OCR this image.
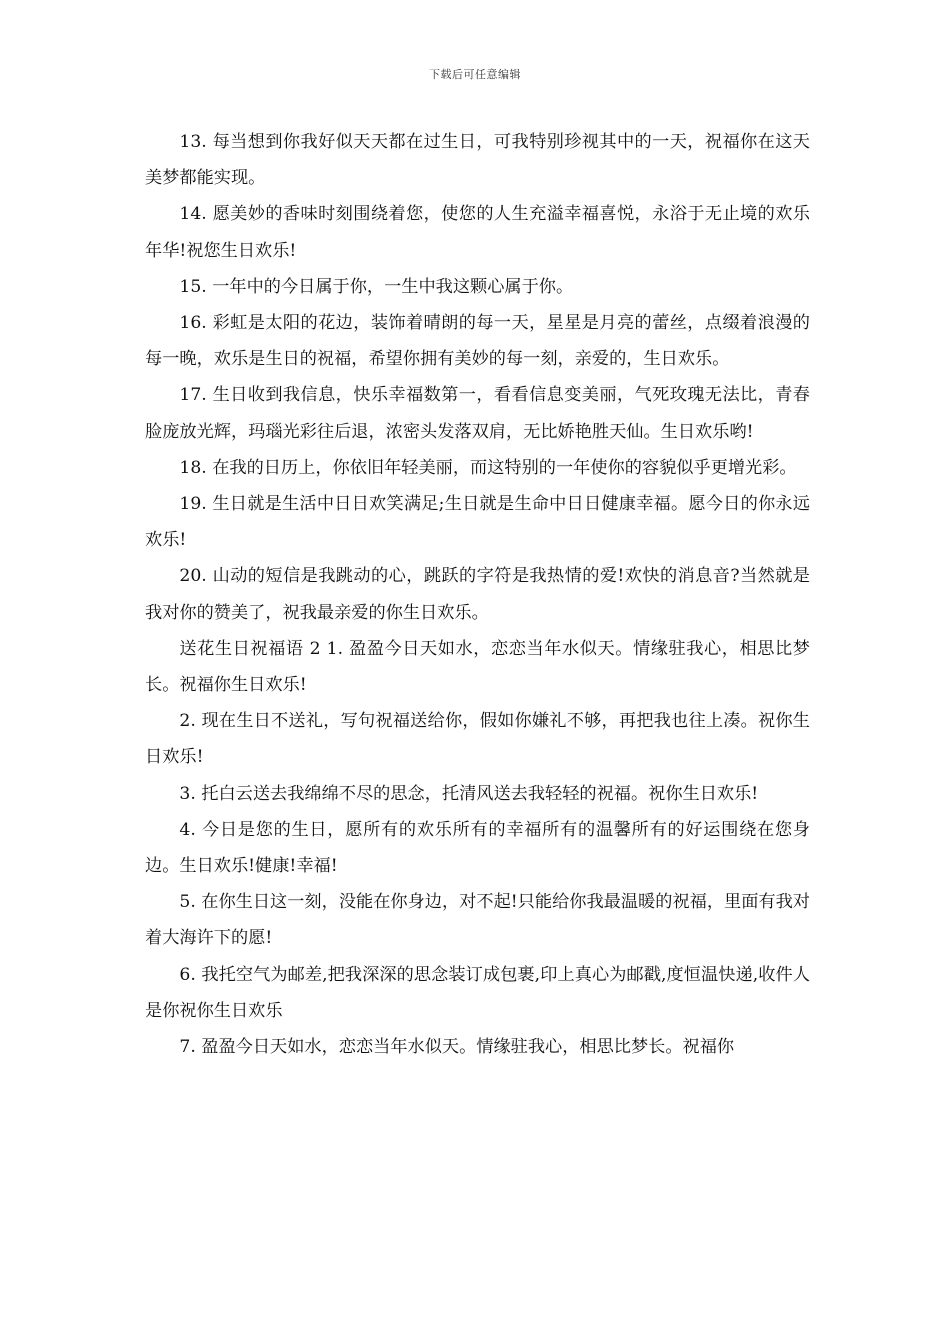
下载后可任意编辑

13. 每当想到你我好似天天都在过生日，可我特别珍视其中的一天，祝福你在这天美梦都能实现。

14. 愿美妙的香味时刻围绕着您，使您的人生充溢幸福喜悦，永浴于无止境的欢乐年华!祝您生日欢乐!

15. 一年中的今日属于你，一生中我这颗心属于你。

16. 彩虹是太阳的花边，装饰着晴朗的每一天，星星是月亮的蕾丝，点缀着浪漫的每一晚，欢乐是生日的祝福，希望你拥有美妙的每一刻，亲爱的，生日欢乐。

17. 生日收到我信息，快乐幸福数第一，看看信息变美丽，气死玫瑰无法比，青春脸庞放光辉，玛瑙光彩往后退，浓密头发落双肩，无比娇艳胜天仙。生日欢乐哟!

18. 在我的日历上，你依旧年轻美丽，而这特别的一年使你的容貌似乎更增光彩。

19. 生日就是生活中日日欢笑满足;生日就是生命中日日健康幸福。愿今日的你永远欢乐!

20. 山动的短信是我跳动的心，跳跃的字符是我热情的爱!欢快的消息音?当然就是我对你的赞美了，祝我最亲爱的你生日欢乐。

送花生日祝福语 2 1. 盈盈今日天如水，恋恋当年水似天。情缘驻我心，相思比梦长。祝福你生日欢乐!

2. 现在生日不送礼，写句祝福送给你，假如你嫌礼不够，再把我也往上凑。祝你生日欢乐!

3. 托白云送去我绵绵不尽的思念，托清风送去我轻轻的祝福。祝你生日欢乐!

4. 今日是您的生日，愿所有的欢乐所有的幸福所有的温馨所有的好运围绕在您身边。生日欢乐!健康!幸福!

5. 在你生日这一刻，没能在你身边，对不起!只能给你我最温暖的祝福，里面有我对着大海许下的愿!

6. 我托空气为邮差,把我深深的思念装订成包裹,印上真心为邮戳,度恒温快递,收件人是你祝你生日欢乐

7. 盈盈今日天如水，恋恋当年水似天。情缘驻我心，相思比梦长。祝福你
